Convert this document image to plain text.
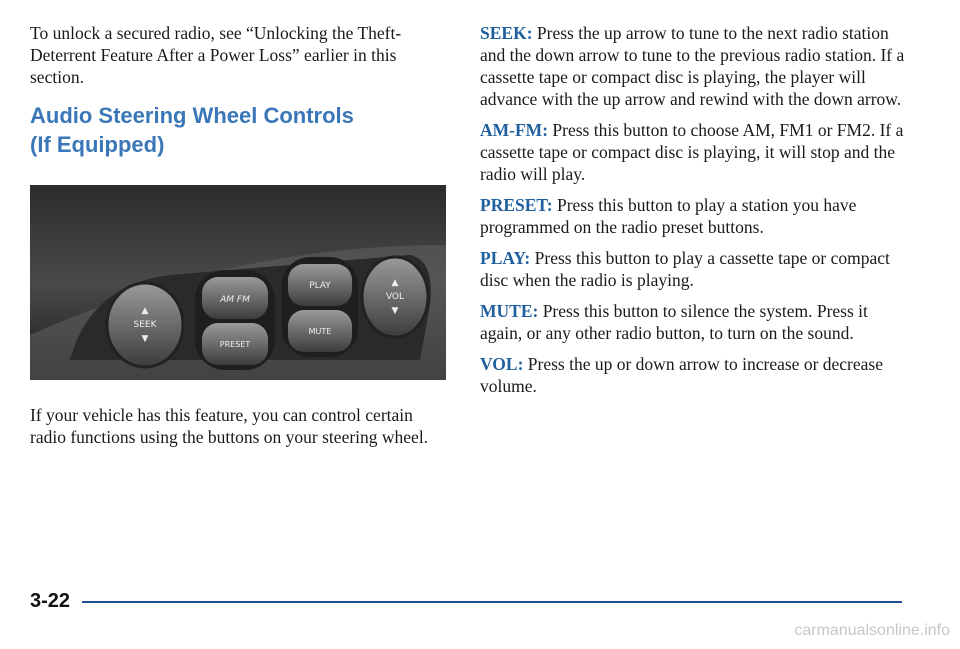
To unlock a secured radio, see “Unlocking the Theft-Deterrent Feature After a Power Loss” earlier in this section.

Audio Steering Wheel Controls
(If Equipped)
▲
SEEK
▼
AM FM
PRESET
PLAY
MUTE
▲
VOL
▼

If your vehicle has this feature, you can control certain radio functions using the buttons on your steering wheel.

SEEK: Press the up arrow to tune to the next radio station and the down arrow to tune to the previous radio station. If a cassette tape or compact disc is playing, the player will advance with the up arrow and rewind with the down arrow.

AM-FM: Press this button to choose AM, FM1 or FM2. If a cassette tape or compact disc is playing, it will stop and the radio will play.

PRESET: Press this button to play a station you have programmed on the radio preset buttons.

PLAY: Press this button to play a cassette tape or compact disc when the radio is playing.

MUTE: Press this button to silence the system. Press it again, or any other radio button, to turn on the sound.

VOL: Press the up or down arrow to increase or decrease volume.

3-22
carmanualsonline.info
